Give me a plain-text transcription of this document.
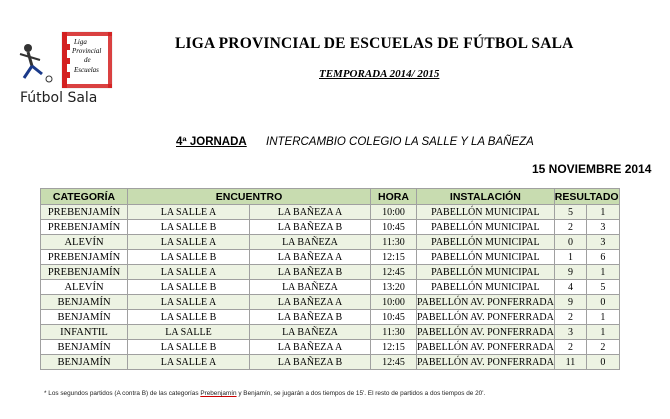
Liga
Provincial
de
Escuelas
Fútbol Sala
LIGA PROVINCIAL DE ESCUELAS DE FÚTBOL SALA
TEMPORADA 2014/ 2015
4ª JORNADA INTERCAMBIO COLEGIO LA SALLE Y LA BAÑEZA
15 NOVIEMBRE 2014
CATEGORÍA	ENCUENTRO		HORA	INSTALACIÓN	RESULTADO	
PREBENJAMÍN	LA SALLE A	LA BAÑEZA A	10:00	PABELLÓN MUNICIPAL	5	1
PREBENJAMÍN	LA SALLE B	LA BAÑEZA B	10:45	PABELLÓN MUNICIPAL	2	3
ALEVÍN	LA SALLE A	LA BAÑEZA	11:30	PABELLÓN MUNICIPAL	0	3
PREBENJAMÍN	LA SALLE B	LA BAÑEZA A	12:15	PABELLÓN MUNICIPAL	1	6
PREBENJAMÍN	LA SALLE A	LA BAÑEZA B	12:45	PABELLÓN MUNICIPAL	9	1
ALEVÍN	LA SALLE B	LA BAÑEZA	13:20	PABELLÓN MUNICIPAL	4	5
BENJAMÍN	LA SALLE A	LA BAÑEZA A	10:00	PABELLÓN AV. PONFERRADA	9	0
BENJAMÍN	LA SALLE B	LA BAÑEZA B	10:45	PABELLÓN AV. PONFERRADA	2	1
INFANTIL	LA SALLE	LA BAÑEZA	11:30	PABELLÓN AV. PONFERRADA	3	1
BENJAMÍN	LA SALLE B	LA BAÑEZA A	12:15	PABELLÓN AV. PONFERRADA	2	2
BENJAMÍN	LA SALLE A	LA BAÑEZA B	12:45	PABELLÓN AV. PONFERRADA	11	0
* Los segundos partidos (A contra B) de las categorías Prebenjamín y Benjamín, se jugarán a dos tiempos de 15'. El resto de partidos a dos tiempos de 20'.
